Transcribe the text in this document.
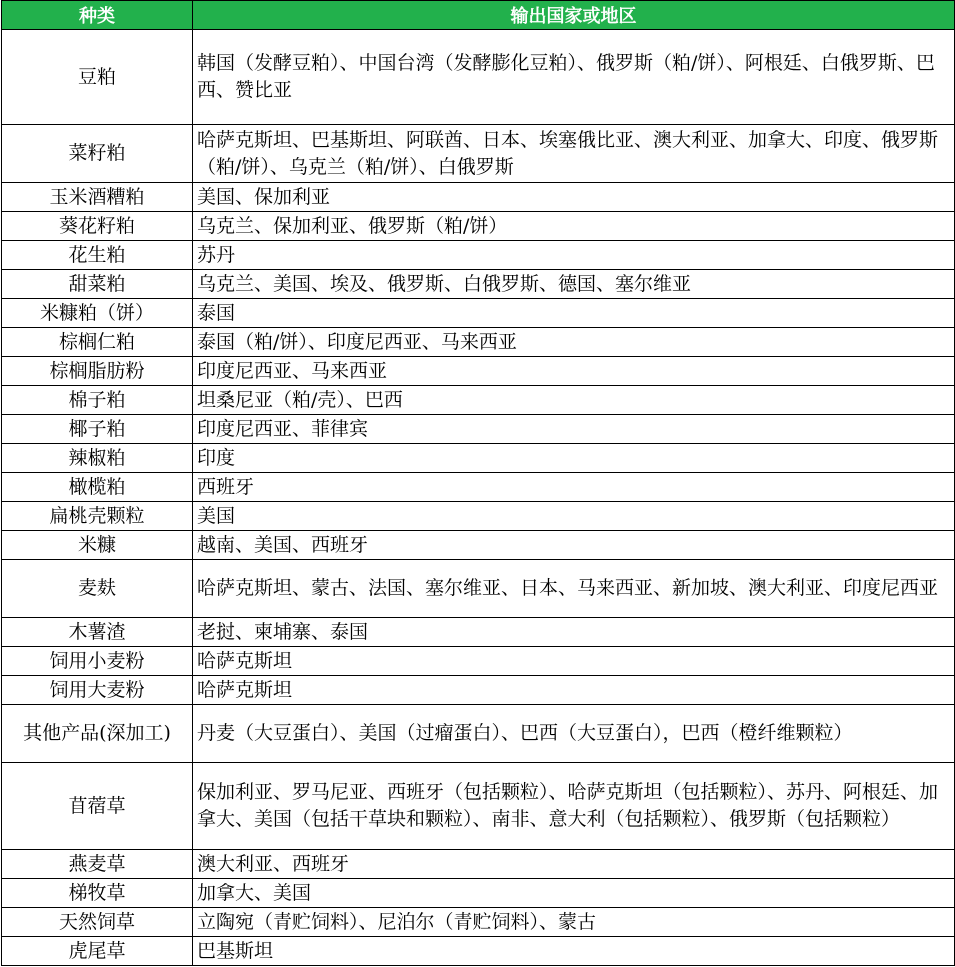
种类	输出国家或地区
豆粕	韩国（发酵豆粕）、中国台湾（发酵膨化豆粕）、俄罗斯（粕/饼）、阿根廷、白俄罗斯、巴西、赞比亚
菜籽粕	哈萨克斯坦、巴基斯坦、阿联酋、日本、埃塞俄比亚、澳大利亚、加拿大、印度、俄罗斯（粕/饼）、乌克兰（粕/饼）、白俄罗斯
玉米酒糟粕	美国、保加利亚
葵花籽粕	乌克兰、保加利亚、俄罗斯（粕/饼）
花生粕	苏丹
甜菜粕	乌克兰、美国、埃及、俄罗斯、白俄罗斯、德国、塞尔维亚
米糠粕（饼）	泰国
棕榈仁粕	泰国（粕/饼）、印度尼西亚、马来西亚
棕榈脂肪粉	印度尼西亚、马来西亚
棉子粕	坦桑尼亚（粕/壳）、巴西
椰子粕	印度尼西亚、菲律宾
辣椒粕	印度
橄榄粕	西班牙
扁桃壳颗粒	美国
米糠	越南、美国、西班牙
麦麸	哈萨克斯坦、蒙古、法国、塞尔维亚、日本、马来西亚、新加坡、澳大利亚、印度尼西亚
木薯渣	老挝、柬埔寨、泰国
饲用小麦粉	哈萨克斯坦
饲用大麦粉	哈萨克斯坦
其他产品(深加工)	丹麦（大豆蛋白）、美国（过瘤蛋白）、巴西（大豆蛋白），巴西（橙纤维颗粒）
苜蓿草	保加利亚、罗马尼亚、西班牙（包括颗粒）、哈萨克斯坦（包括颗粒）、苏丹、阿根廷、加拿大、美国（包括干草块和颗粒）、南非、意大利（包括颗粒）、俄罗斯（包括颗粒）
燕麦草	澳大利亚、西班牙
梯牧草	加拿大、美国
天然饲草	立陶宛（青贮饲料）、尼泊尔（青贮饲料）、蒙古
虎尾草	巴基斯坦
